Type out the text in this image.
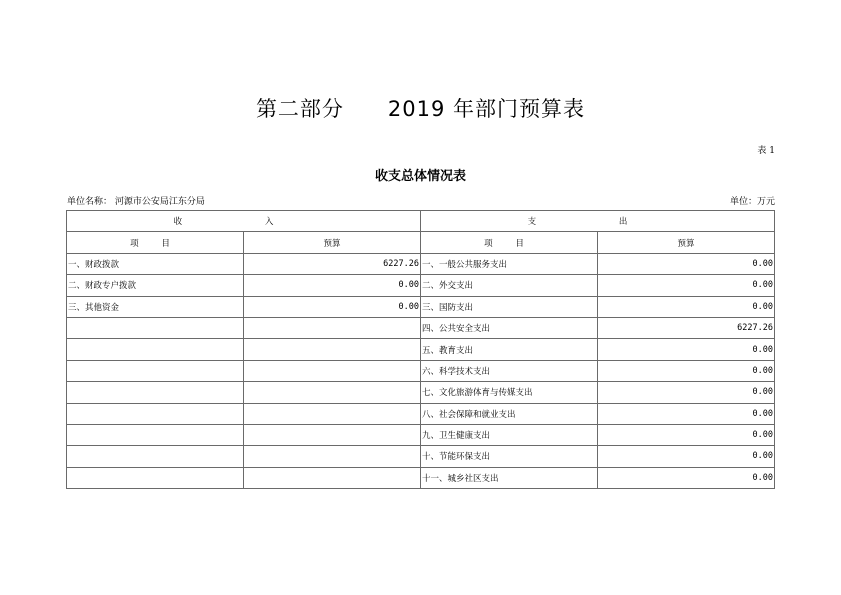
第二部分　　2019 年部门预算表
表 1
收支总体情况表
单位名称： 河源市公安局江东分局	单位：万元
收 入		支 出	
项 目	预算	项 目	预算
一、财政拨款	6227.26	一、一般公共服务支出	0.00
二、财政专户拨款	0.00	二、外交支出	0.00
三、其他资金	0.00	三、国防支出	0.00
		四、公共安全支出	6227.26
		五、教育支出	0.00
		六、科学技术支出	0.00
		七、文化旅游体育与传媒支出	0.00
		八、社会保障和就业支出	0.00
		九、卫生健康支出	0.00
		十、节能环保支出	0.00
		十一、城乡社区支出	0.00
